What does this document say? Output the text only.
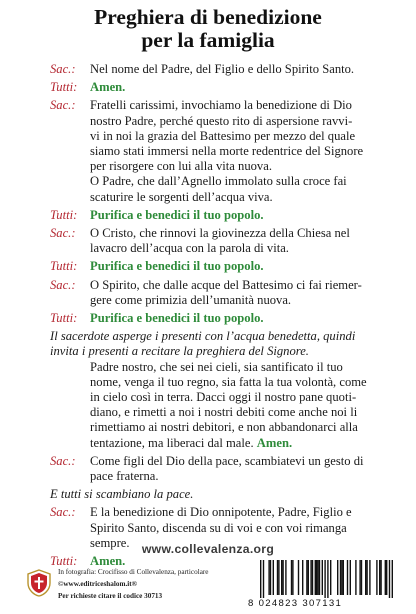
Preghiera di benedizione
per la famiglia
Sac.:	Nel nome del Padre, del Figlio e dello Spirito Santo.
Tutti:	Amen.
Sac.:	Fratelli carissimi, invochiamo la benedizione di Dio
nostro Padre, perché questo rito di aspersione ravvi-
vi in noi la grazia del Battesimo per mezzo del quale
siamo stati immersi nella morte redentrice del Signore
per risorgere con lui alla vita nuova.
O Padre, che dall’Agnello immolato sulla croce fai
scaturire le sorgenti dell’acqua viva.
Tutti:	Purifica e benedici il tuo popolo.
Sac.:	O Cristo, che rinnovi la giovinezza della Chiesa nel
lavacro dell’acqua con la parola di vita.
Tutti:	Purifica e benedici il tuo popolo.
Sac.:	O Spirito, che dalle acque del Battesimo ci fai riemer-
gere come primizia dell’umanità nuova.
Tutti:	Purifica e benedici il tuo popolo.
Il sacerdote asperge i presenti con l’acqua benedetta, quindi
invita i presenti a recitare la preghiera del Signore.
Padre nostro, che sei nei cieli, sia santificato il tuo
nome, venga il tuo regno, sia fatta la tua volontà, come
in cielo così in terra. Dacci oggi il nostro pane quoti-
diano, e rimetti a noi i nostri debiti come anche noi li
rimettiamo ai nostri debitori, e non abbandonarci alla
tentazione, ma liberaci dal male. Amen.
Sac.:	Come figli del Dio della pace, scambiatevi un gesto di
pace fraterna.
E tutti si scambiano la pace.
Sac.:	E la benedizione di Dio onnipotente, Padre, Figlio e
Spirito Santo, discenda su di voi e con voi rimanga
sempre.
Tutti:	Amen.
www.collevalenza.org
In fotografia: Crocifisso di Collevalenza, particolare
©www.editriceshalom.it®
Per richieste citare il codice 30713
8 024823 307131
